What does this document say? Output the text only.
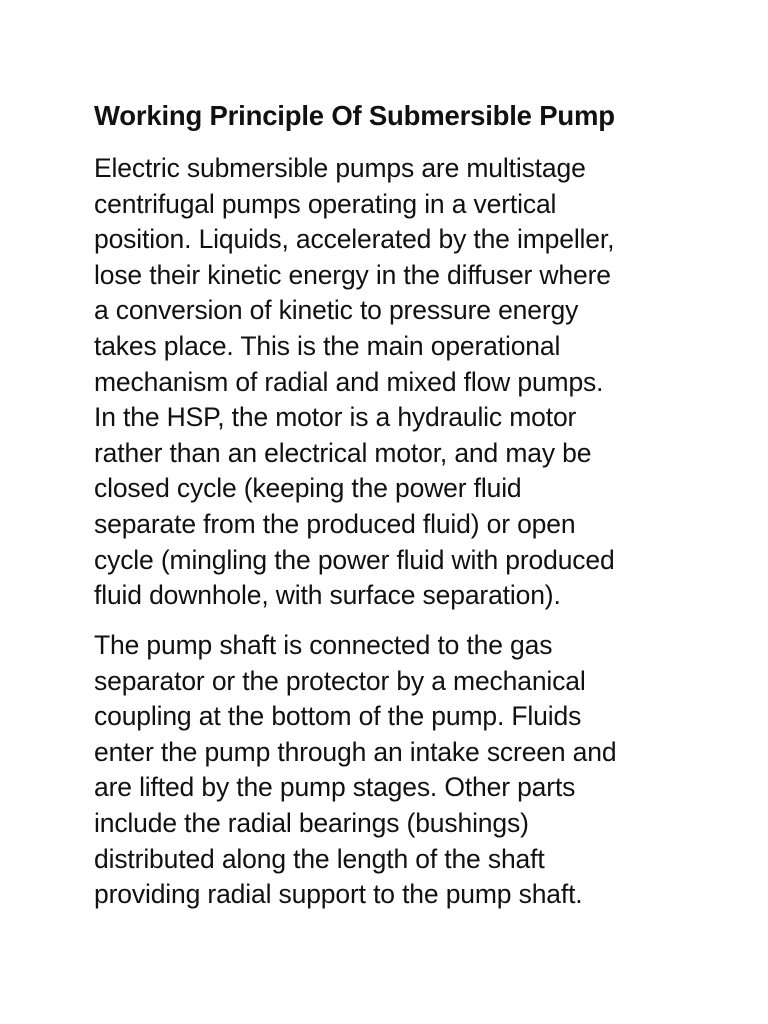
Working Principle Of Submersible Pump

Electric submersible pumps are multistage
centrifugal pumps operating in a vertical
position. Liquids, accelerated by the impeller,
lose their kinetic energy in the diffuser where
a conversion of kinetic to pressure energy
takes place. This is the main operational
mechanism of radial and mixed flow pumps.
In the HSP, the motor is a hydraulic motor
rather than an electrical motor, and may be
closed cycle (keeping the power fluid
separate from the produced fluid) or open
cycle (mingling the power fluid with produced
fluid downhole, with surface separation).

The pump shaft is connected to the gas
separator or the protector by a mechanical
coupling at the bottom of the pump. Fluids
enter the pump through an intake screen and
are lifted by the pump stages. Other parts
include the radial bearings (bushings)
distributed along the length of the shaft
providing radial support to the pump shaft.
